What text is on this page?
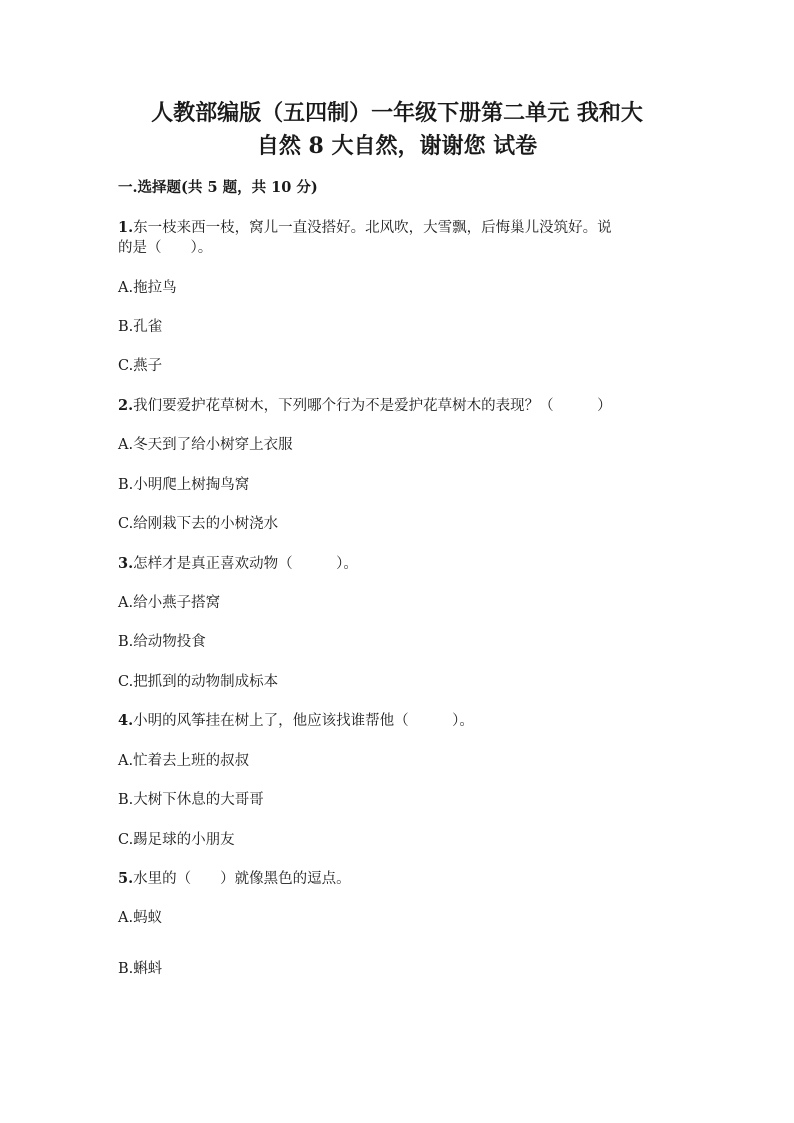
人教部编版（五四制）一年级下册第二单元 我和大
自然 8 大自然，谢谢您 试卷
一.选择题(共 5 题，共 10 分)
1.东一枝来西一枝，窝儿一直没搭好。北风吹，大雪飘，后悔巢儿没筑好。说
的是（　　）。
A.拖拉鸟
B.孔雀
C.燕子
2.我们要爱护花草树木，下列哪个行为不是爱护花草树木的表现？（　　　）
A.冬天到了给小树穿上衣服
B.小明爬上树掏鸟窝
C.给刚栽下去的小树浇水
3.怎样才是真正喜欢动物（　　　）。
A.给小燕子搭窝
B.给动物投食
C.把抓到的动物制成标本
4.小明的风筝挂在树上了，他应该找谁帮他（　　　）。
A.忙着去上班的叔叔
B.大树下休息的大哥哥
C.踢足球的小朋友
5.水里的（　　）就像黑色的逗点。
A.蚂蚁
B.蝌蚪
